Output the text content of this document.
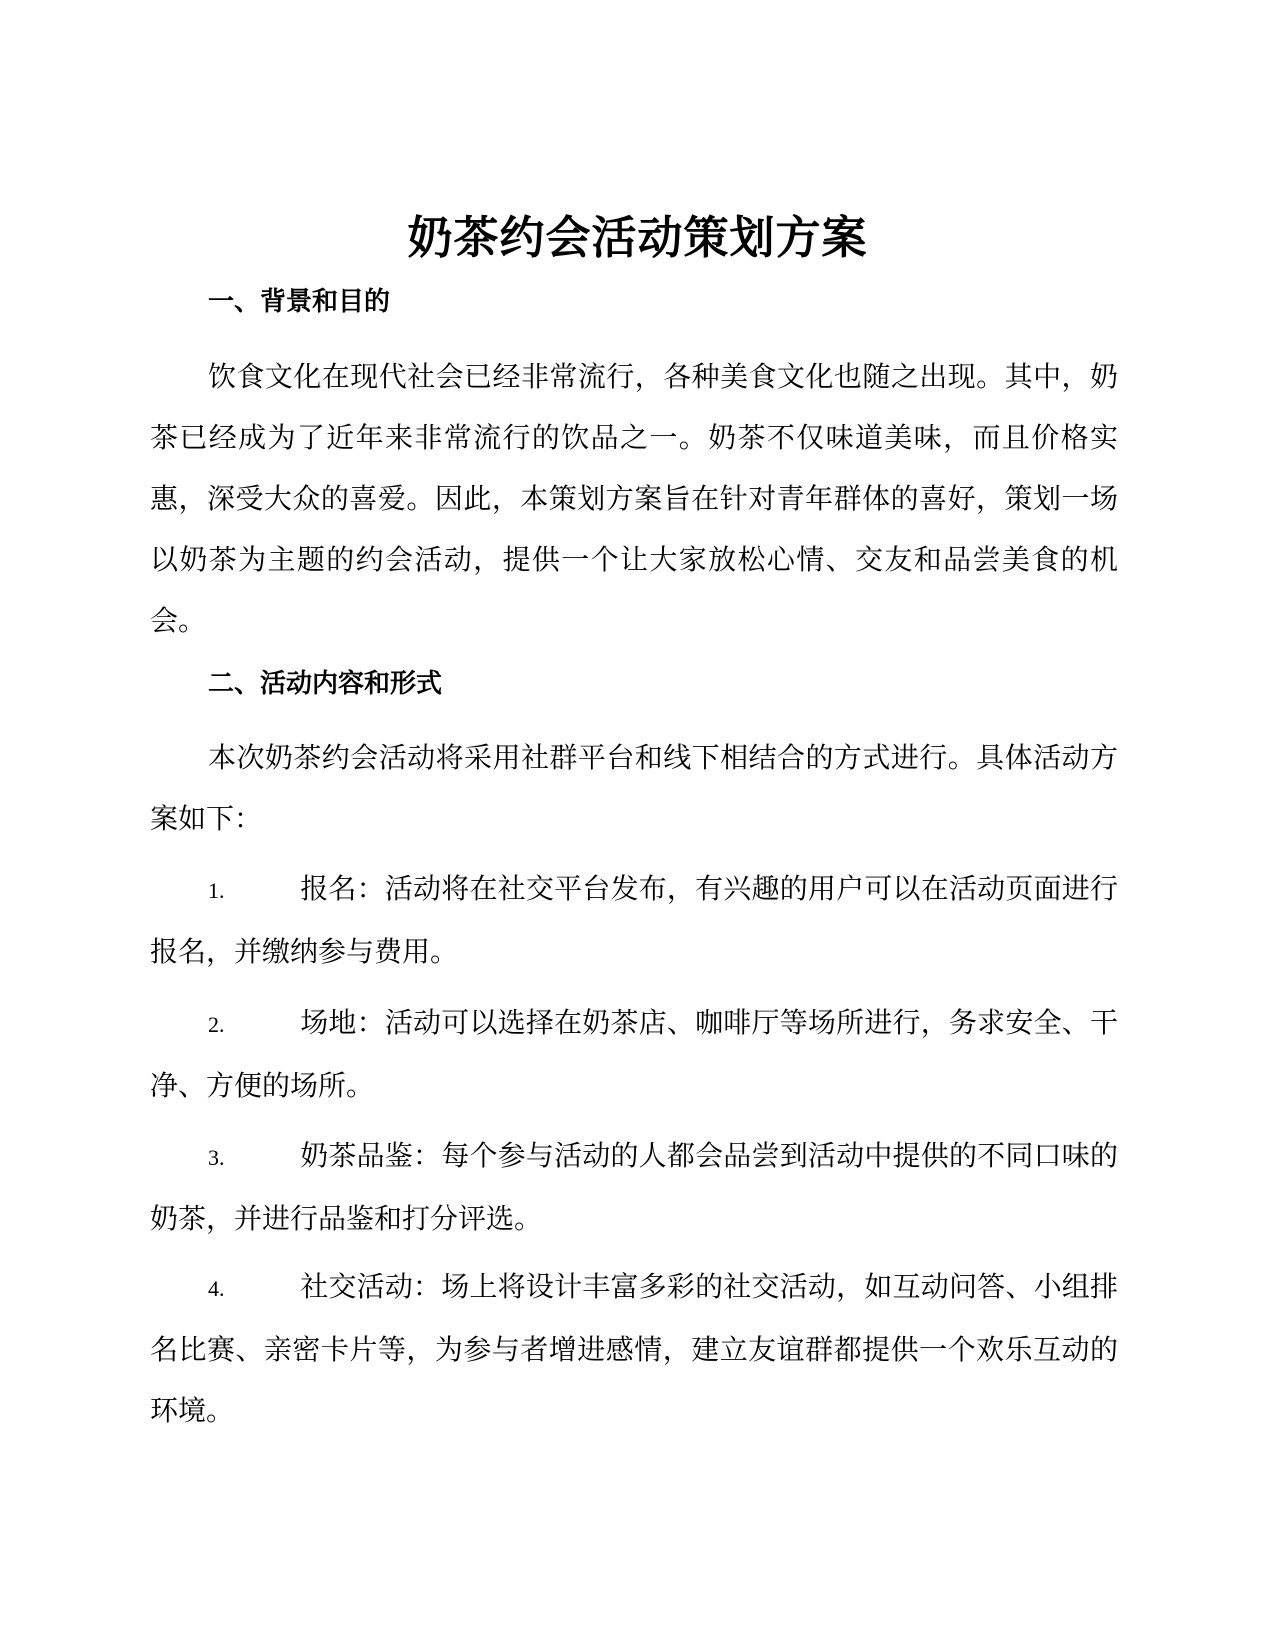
奶茶约会活动策划方案
一、背景和目的
饮食文化在现代社会已经非常流行，各种美食文化也随之出现。其中，奶茶已经成为了近年来非常流行的饮品之一。奶茶不仅味道美味，而且价格实惠，深受大众的喜爱。因此，本策划方案旨在针对青年群体的喜好，策划一场以奶茶为主题的约会活动，提供一个让大家放松心情、交友和品尝美食的机会。
二、活动内容和形式
本次奶茶约会活动将采用社群平台和线下相结合的方式进行。具体活动方案如下：
1.	报名：活动将在社交平台发布，有兴趣的用户可以在活动页面进行报名，并缴纳参与费用。
2.	场地：活动可以选择在奶茶店、咖啡厅等场所进行，务求安全、干净、方便的场所。
3.	奶茶品鉴：每个参与活动的人都会品尝到活动中提供的不同口味的奶茶，并进行品鉴和打分评选。
4.	社交活动：场上将设计丰富多彩的社交活动，如互动问答、小组排名比赛、亲密卡片等，为参与者增进感情，建立友谊群都提供一个欢乐互动的环境。
